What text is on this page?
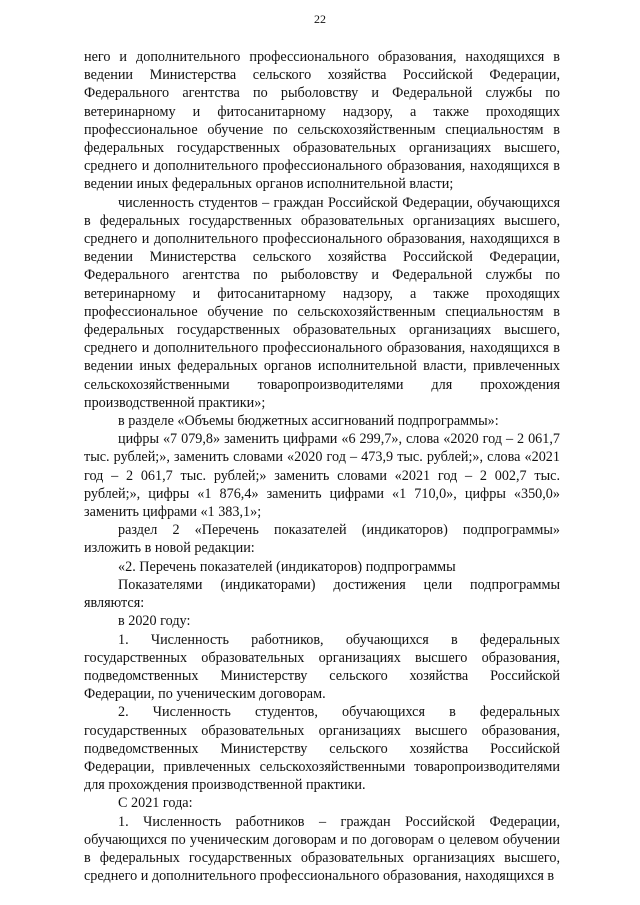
22

него и дополнительного профессионального образования, находящихся в ведении Министерства сельского хозяйства Российской Федерации, Федерального агентства по рыболовству и Федеральной службы по ветеринарному и фитосанитарному надзору, а также проходящих профессиональное обучение по сельскохозяйственным специальностям в федеральных государственных образовательных организациях высшего, среднего и дополнительного профессионального образования, находящихся в ведении иных федеральных органов исполнительной власти;

численность студентов – граждан Российской Федерации, обучающихся в федеральных государственных образовательных организациях высшего, среднего и дополнительного профессионального образования, находящихся в ведении Министерства сельского хозяйства Российской Федерации, Федерального агентства по рыболовству и Федеральной службы по ветеринарному и фитосанитарному надзору, а также проходящих профессиональное обучение по сельскохозяйственным специальностям в федеральных государственных образовательных организациях высшего, среднего и дополнительного профессионального образования, находящихся в ведении иных федеральных органов исполнительной власти, привлеченных сельскохозяйственными товаропроизводителями для прохождения производственной практики»;

в разделе «Объемы бюджетных ассигнований подпрограммы»:

цифры «7 079,8» заменить цифрами «6 299,7», слова «2020 год – 2 061,7 тыс. рублей;», заменить словами «2020 год – 473,9 тыс. рублей;», слова «2021 год – 2 061,7 тыс. рублей;» заменить словами «2021 год – 2 002,7 тыс. рублей;», цифры «1 876,4» заменить цифрами «1 710,0», цифры «350,0» заменить цифрами «1 383,1»;

раздел 2 «Перечень показателей (индикаторов) подпрограммы» изложить в новой редакции:

«2. Перечень показателей (индикаторов) подпрограммы

Показателями (индикаторами) достижения цели подпрограммы являются:

в 2020 году:

1. Численность работников, обучающихся в федеральных государственных образовательных организациях высшего образования, подведомственных Министерству сельского хозяйства Российской Федерации, по ученическим договорам.

2. Численность студентов, обучающихся в федеральных государственных образовательных организациях высшего образования, подведомственных Министерству сельского хозяйства Российской Федерации, привлеченных сельскохозяйственными товаропроизводителями для прохождения производственной практики.

С 2021 года:

1. Численность работников – граждан Российской Федерации, обучающихся по ученическим договорам и по договорам о целевом обучении в федеральных государственных образовательных организациях высшего, среднего и дополнительного профессионального образования, находящихся в
